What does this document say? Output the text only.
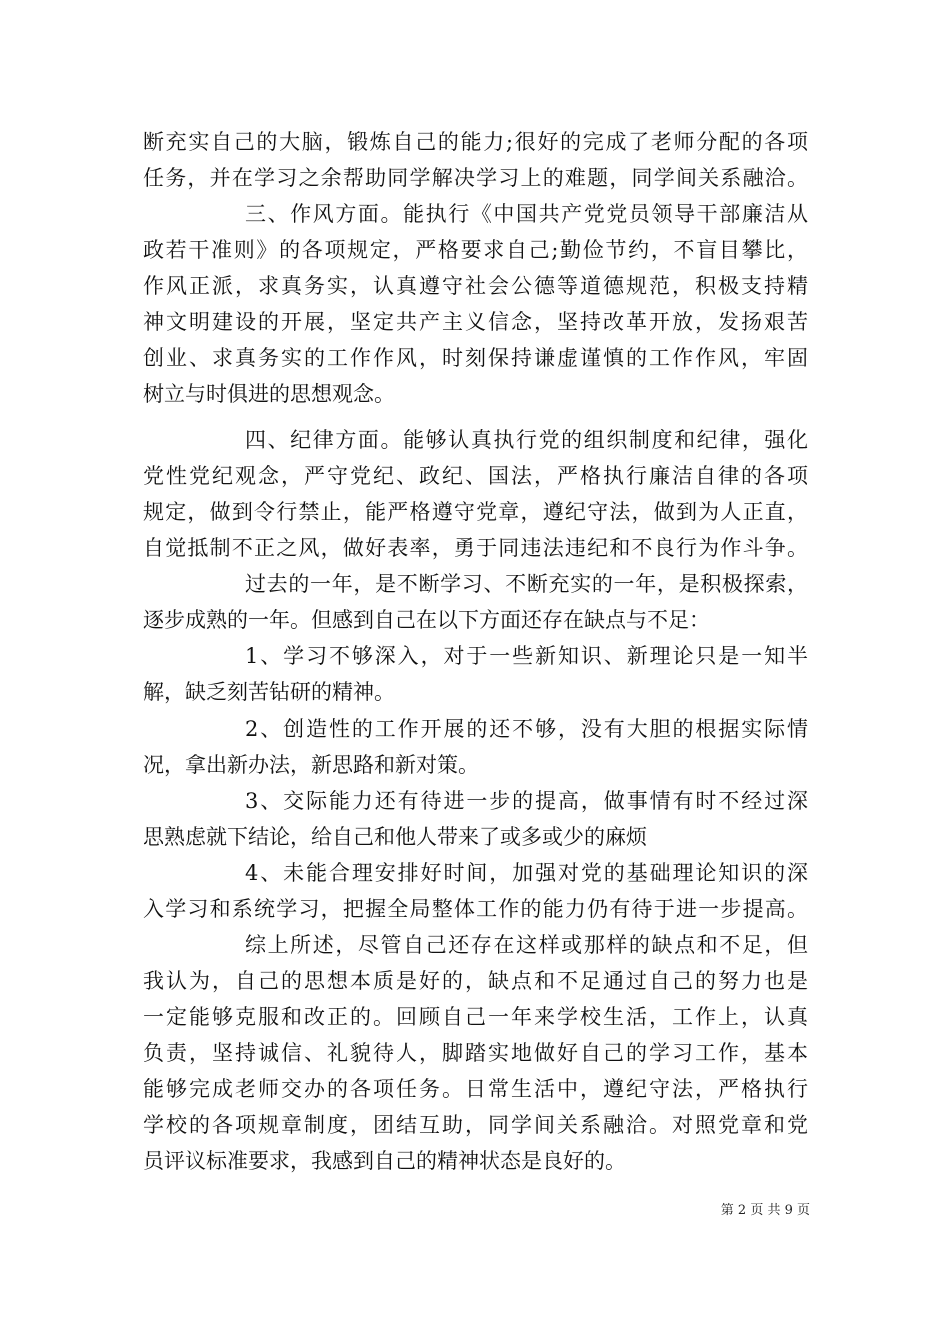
断充实自己的大脑，锻炼自己的能力;很好的完成了老师分配的各项
任务，并在学习之余帮助同学解决学习上的难题，同学间关系融洽。
三、作风方面。能执行《中国共产党党员领导干部廉洁从
政若干准则》的各项规定，严格要求自己;勤俭节约，不盲目攀比，
作风正派，求真务实，认真遵守社会公德等道德规范，积极支持精
神文明建设的开展，坚定共产主义信念，坚持改革开放，发扬艰苦
创业、求真务实的工作作风，时刻保持谦虚谨慎的工作作风，牢固
树立与时俱进的思想观念。
四、纪律方面。能够认真执行党的组织制度和纪律，强化
党性党纪观念，严守党纪、政纪、国法，严格执行廉洁自律的各项
规定，做到令行禁止，能严格遵守党章，遵纪守法，做到为人正直，
自觉抵制不正之风，做好表率，勇于同违法违纪和不良行为作斗争。
过去的一年，是不断学习、不断充实的一年，是积极探索，
逐步成熟的一年。但感到自己在以下方面还存在缺点与不足：
1、学习不够深入，对于一些新知识、新理论只是一知半
解，缺乏刻苦钻研的精神。
2、创造性的工作开展的还不够，没有大胆的根据实际情
况，拿出新办法，新思路和新对策。
3、交际能力还有待进一步的提高，做事情有时不经过深
思熟虑就下结论，给自己和他人带来了或多或少的麻烦
4、未能合理安排好时间，加强对党的基础理论知识的深
入学习和系统学习，把握全局整体工作的能力仍有待于进一步提高。
综上所述，尽管自己还存在这样或那样的缺点和不足，但
我认为，自己的思想本质是好的，缺点和不足通过自己的努力也是
一定能够克服和改正的。回顾自己一年来学校生活，工作上，认真
负责，坚持诚信、礼貌待人，脚踏实地做好自己的学习工作，基本
能够完成老师交办的各项任务。日常生活中，遵纪守法，严格执行
学校的各项规章制度，团结互助，同学间关系融洽。对照党章和党
员评议标准要求，我感到自己的精神状态是良好的。
第 2 页 共 9 页
